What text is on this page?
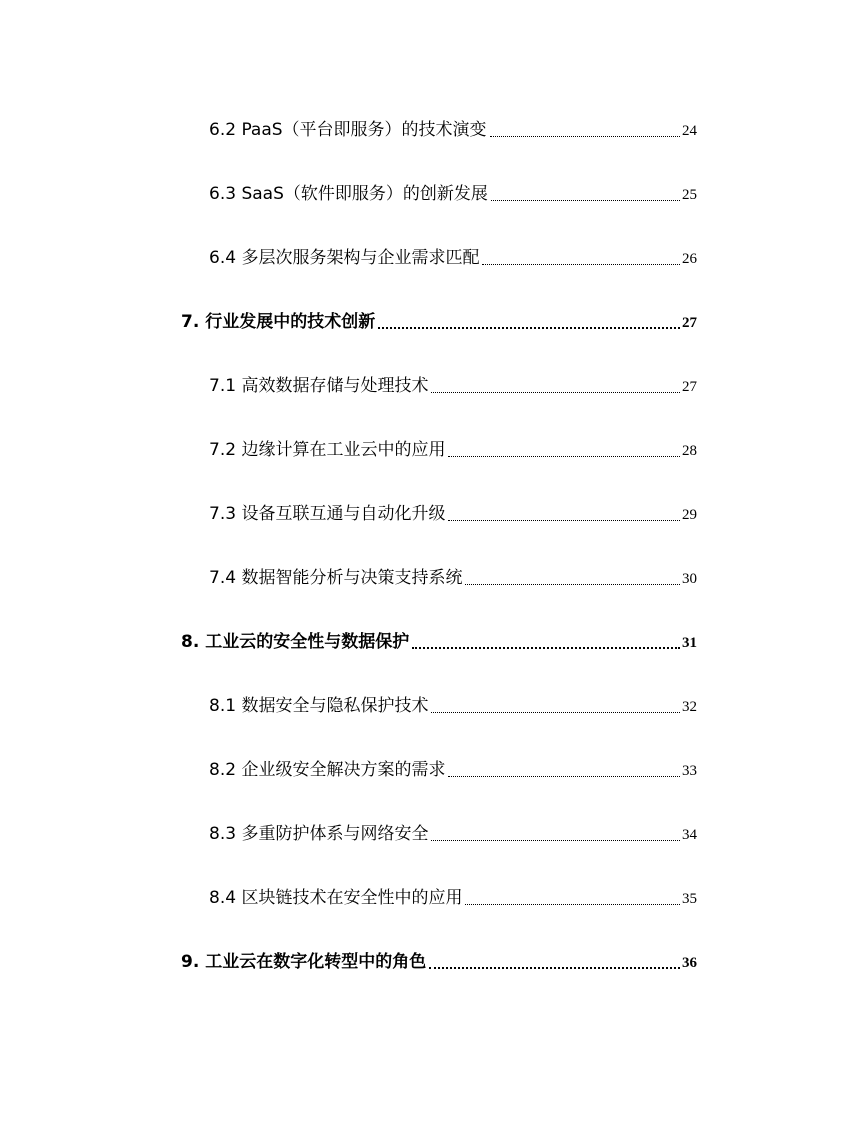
6.2 PaaS（平台即服务）的技术演变	24
6.3 SaaS（软件即服务）的创新发展	25
6.4 多层次服务架构与企业需求匹配	26
7. 行业发展中的技术创新	27
7.1 高效数据存储与处理技术	27
7.2 边缘计算在工业云中的应用	28
7.3 设备互联互通与自动化升级	29
7.4 数据智能分析与决策支持系统	30
8. 工业云的安全性与数据保护	31
8.1 数据安全与隐私保护技术	32
8.2 企业级安全解决方案的需求	33
8.3 多重防护体系与网络安全	34
8.4 区块链技术在安全性中的应用	35
9. 工业云在数字化转型中的角色	36
